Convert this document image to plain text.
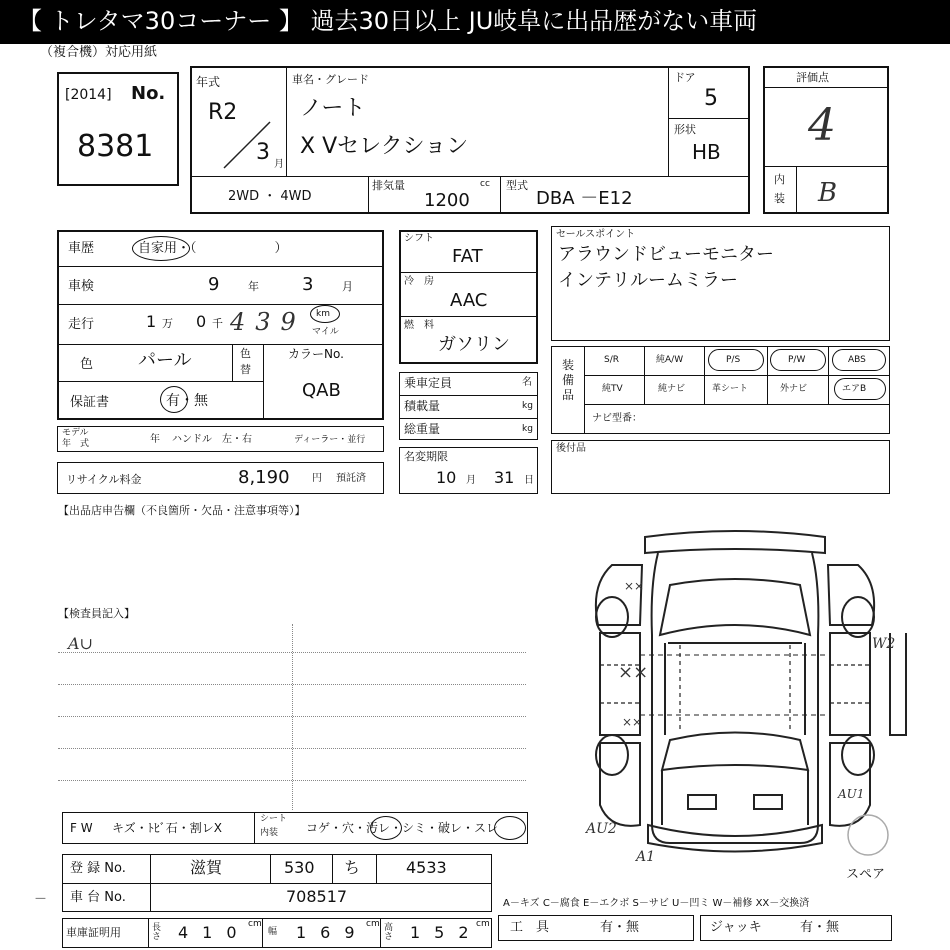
【 トレタマ30コーナー 】 過去30日以上 JU岐阜に出品歴がない車両
（複合機）対応用紙
[2014] No.
8381
年式
R2
3 月
車名・グレード
ノート
X Vセレクション
ドア
5
形状
HB
2WD ・ 4WD
排気量
1200
cc 型式
DBA －E12
評価点
4
内
装 B
車歴	自家用・（　　　　　　）
車検	9	年 3	月
走行	1 万 0 千 439 km
マイル
色 パール	色
替
カラーNo.
QAB
保証書	有・無
モデル
年　式	年 ハンドル　左・右	ディーラー・並行
リサイクル料金	8,190 円 預託済
シフト
FAT
冷　房
AAC
燃　料
ガソリン
乗車定員	名
積載量	kg
総重量	kg
名変期限
10 月 31 日
セールスポイント
アラウンドビューモニター
インテリルームミラー
装備品
S/R	純A/W	P/S	P/W	ABS
純TV	純ナビ	革シート	外ナビ	エアB
ナビ型番：
後付品
【出品店申告欄（不良箇所・欠品・注意事項等）】
【検査員記入】
A∪
××
××
××
W2
AU1
AU2
A1
スペア
F W キズ・ﾄﾋﾞ石・割レX
シート
内装 コゲ・穴・汚レ・シミ・破レ・スレ
登 録 No.	滋賀	530 ち	4533
車 台 No.	708517
車庫証明用	長さ 410
cm
幅 169
cm 高さ 152
cm
A－キズ C－腐食 E－エクボ S－サビ U－凹ミ W－補修 XX－交換済
工　具	有・無	ジャッキ	有・無
－
